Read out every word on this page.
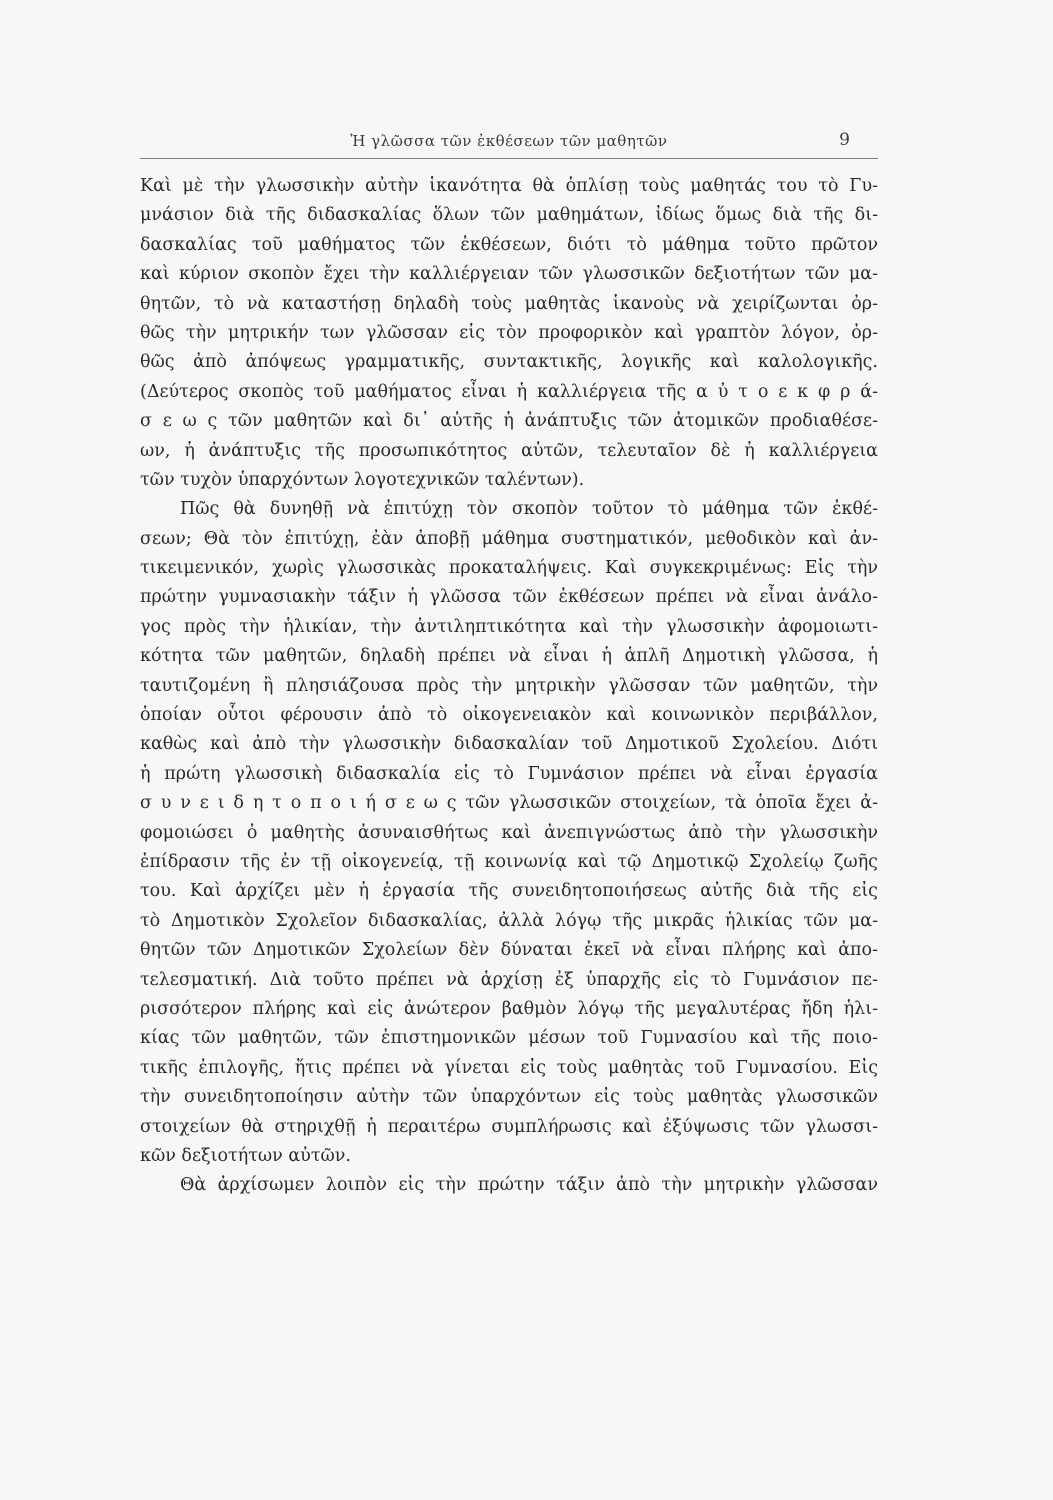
Ἡ γλῶσσα τῶν ἐκθέσεων τῶν μαθητῶν	9
Καὶ μὲ τὴν γλωσσικὴν αὐτὴν ἱκανότητα θὰ ὁπλίσῃ τοὺς μαθητάς του τὸ Γυ-
μνάσιον διὰ τῆς διδασκαλίας ὅλων τῶν μαθημάτων, ἰδίως ὅμως διὰ τῆς δι-
δασκαλίας τοῦ μαθήματος τῶν ἐκθέσεων, διότι τὸ μάθημα τοῦτο πρῶτον
καὶ κύριον σκοπὸν ἔχει τὴν καλλιέργειαν τῶν γλωσσικῶν δεξιοτήτων τῶν μα-
θητῶν, τὸ νὰ καταστήσῃ δηλαδὴ τοὺς μαθητὰς ἱκανοὺς νὰ χειρίζωνται ὀρ-
θῶς τὴν μητρικήν των γλῶσσαν εἰς τὸν προφορικὸν καὶ γραπτὸν λόγον, ὀρ-
θῶς ἀπὸ ἀπόψεως γραμματικῆς, συντακτικῆς, λογικῆς καὶ καλολογικῆς.
(Δεύτερος σκοπὸς τοῦ μαθήματος εἶναι ἡ καλλιέργεια τῆς α ὐ τ ο ε κ φ ρ ά-
σ ε ω ς τῶν μαθητῶν καὶ δι᾿ αὐτῆς ἡ ἀνάπτυξις τῶν ἀτομικῶν προδιαθέσε-
ων, ἡ ἀνάπτυξις τῆς προσωπικότητος αὐτῶν, τελευταῖον δὲ ἡ καλλιέργεια
τῶν τυχὸν ὑπαρχόντων λογοτεχνικῶν ταλέντων).
Πῶς θὰ δυνηθῇ νὰ ἐπιτύχῃ τὸν σκοπὸν τοῦτον τὸ μάθημα τῶν ἐκθέ-
σεων; Θὰ τὸν ἐπιτύχῃ, ἐὰν ἀποβῇ μάθημα συστηματικόν, μεθοδικὸν καὶ ἀν-
τικειμενικόν, χωρὶς γλωσσικὰς προκαταλήψεις. Καὶ συγκεκριμένως: Εἰς τὴν
πρώτην γυμνασιακὴν τάξιν ἡ γλῶσσα τῶν ἐκθέσεων πρέπει νὰ εἶναι ἀνάλο-
γος πρὸς τὴν ἡλικίαν, τὴν ἀντιληπτικότητα καὶ τὴν γλωσσικὴν ἀφομοιωτι-
κότητα τῶν μαθητῶν, δηλαδὴ πρέπει νὰ εἶναι ἡ ἁπλῆ Δημοτικὴ γλῶσσα, ἡ
ταυτιζομένη ἢ πλησιάζουσα πρὸς τὴν μητρικὴν γλῶσσαν τῶν μαθητῶν, τὴν
ὁποίαν οὗτοι φέρουσιν ἀπὸ τὸ οἰκογενειακὸν καὶ κοινωνικὸν περιβάλλον,
καθὼς καὶ ἀπὸ τὴν γλωσσικὴν διδασκαλίαν τοῦ Δημοτικοῦ Σχολείου. Διότι
ἡ πρώτη γλωσσικὴ διδασκαλία εἰς τὸ Γυμνάσιον πρέπει νὰ εἶναι ἐργασία
σ υ ν ε ι δ η τ ο π ο ι ή σ ε ω ς τῶν γλωσσικῶν στοιχείων, τὰ ὁποῖα ἔχει ἀ-
φομοιώσει ὁ μαθητὴς ἀσυναισθήτως καὶ ἀνεπιγνώστως ἀπὸ τὴν γλωσσικὴν
ἐπίδρασιν τῆς ἐν τῇ οἰκογενείᾳ, τῇ κοινωνίᾳ καὶ τῷ Δημοτικῷ Σχολείῳ ζωῆς
του. Καὶ ἀρχίζει μὲν ἡ ἐργασία τῆς συνειδητοποιήσεως αὐτῆς διὰ τῆς εἰς
τὸ Δημοτικὸν Σχολεῖον διδασκαλίας, ἀλλὰ λόγῳ τῆς μικρᾶς ἡλικίας τῶν μα-
θητῶν τῶν Δημοτικῶν Σχολείων δὲν δύναται ἐκεῖ νὰ εἶναι πλήρης καὶ ἀπο-
τελεσματική. Διὰ τοῦτο πρέπει νὰ ἀρχίσῃ ἐξ ὑπαρχῆς εἰς τὸ Γυμνάσιον πε-
ρισσότερον πλήρης καὶ εἰς ἀνώτερον βαθμὸν λόγῳ τῆς μεγαλυτέρας ἤδη ἡλι-
κίας τῶν μαθητῶν, τῶν ἐπιστημονικῶν μέσων τοῦ Γυμνασίου καὶ τῆς ποιο-
τικῆς ἐπιλογῆς, ἥτις πρέπει νὰ γίνεται εἰς τοὺς μαθητὰς τοῦ Γυμνασίου. Εἰς
τὴν συνειδητοποίησιν αὐτὴν τῶν ὑπαρχόντων εἰς τοὺς μαθητὰς γλωσσικῶν
στοιχείων θὰ στηριχθῇ ἡ περαιτέρω συμπλήρωσις καὶ ἐξύψωσις τῶν γλωσσι-
κῶν δεξιοτήτων αὐτῶν.
Θὰ ἀρχίσωμεν λοιπὸν εἰς τὴν πρώτην τάξιν ἀπὸ τὴν μητρικὴν γλῶσσαν
